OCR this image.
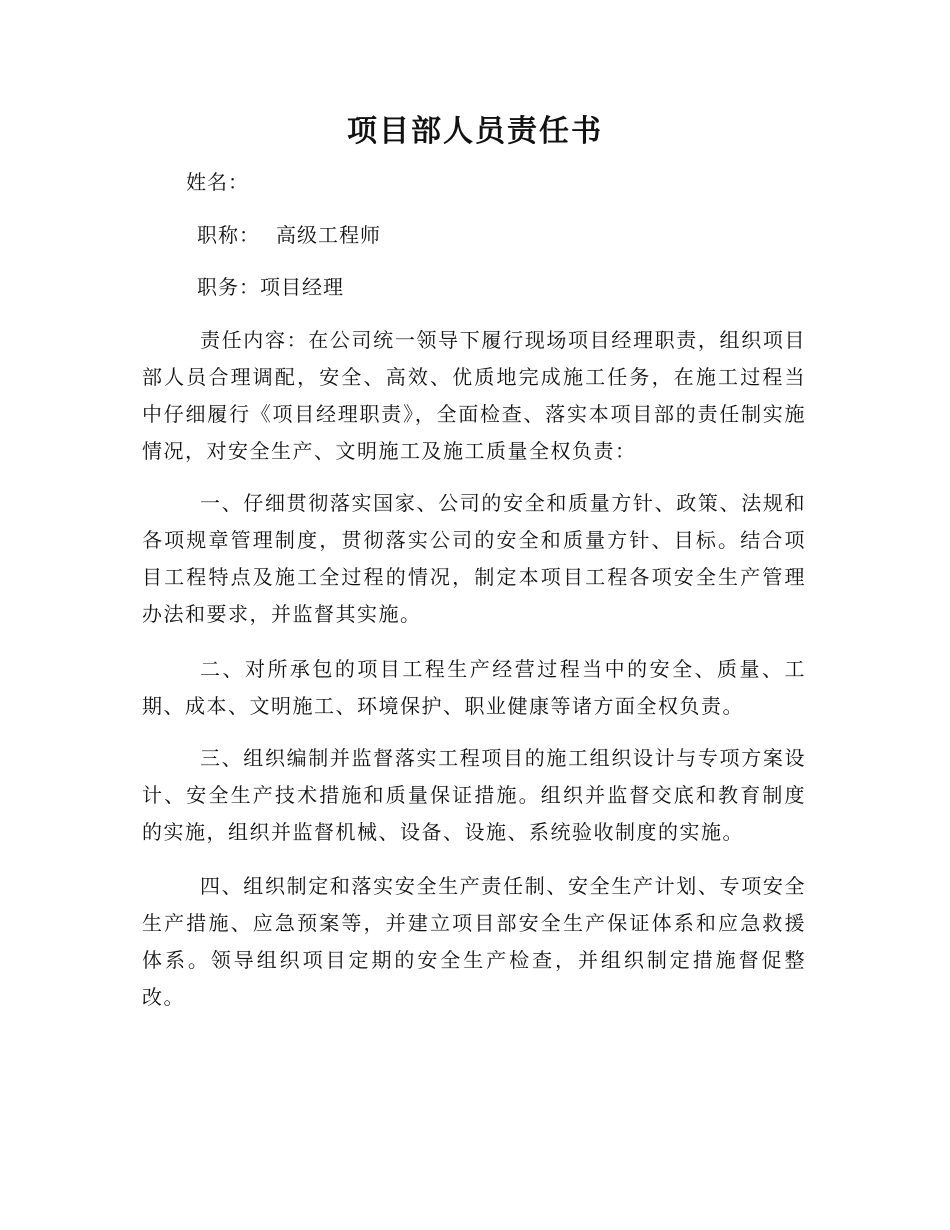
项目部人员责任书

姓名：

职称： 高级工程师

职务：项目经理

责任内容：在公司统一领导下履行现场项目经理职责，组织项目部人员合理调配，安全、高效、优质地完成施工任务，在施工过程当中仔细履行《项目经理职责》，全面检查、落实本项目部的责任制实施情况，对安全生产、文明施工及施工质量全权负责：

一、仔细贯彻落实国家、公司的安全和质量方针、政策、法规和各项规章管理制度，贯彻落实公司的安全和质量方针、目标。结合项目工程特点及施工全过程的情况，制定本项目工程各项安全生产管理办法和要求，并监督其实施。

二、对所承包的项目工程生产经营过程当中的安全、质量、工期、成本、文明施工、环境保护、职业健康等诸方面全权负责。

三、组织编制并监督落实工程项目的施工组织设计与专项方案设计、安全生产技术措施和质量保证措施。组织并监督交底和教育制度的实施，组织并监督机械、设备、设施、系统验收制度的实施。

四、组织制定和落实安全生产责任制、安全生产计划、专项安全生产措施、应急预案等，并建立项目部安全生产保证体系和应急救援体系。领导组织项目定期的安全生产检查，并组织制定措施督促整改。
